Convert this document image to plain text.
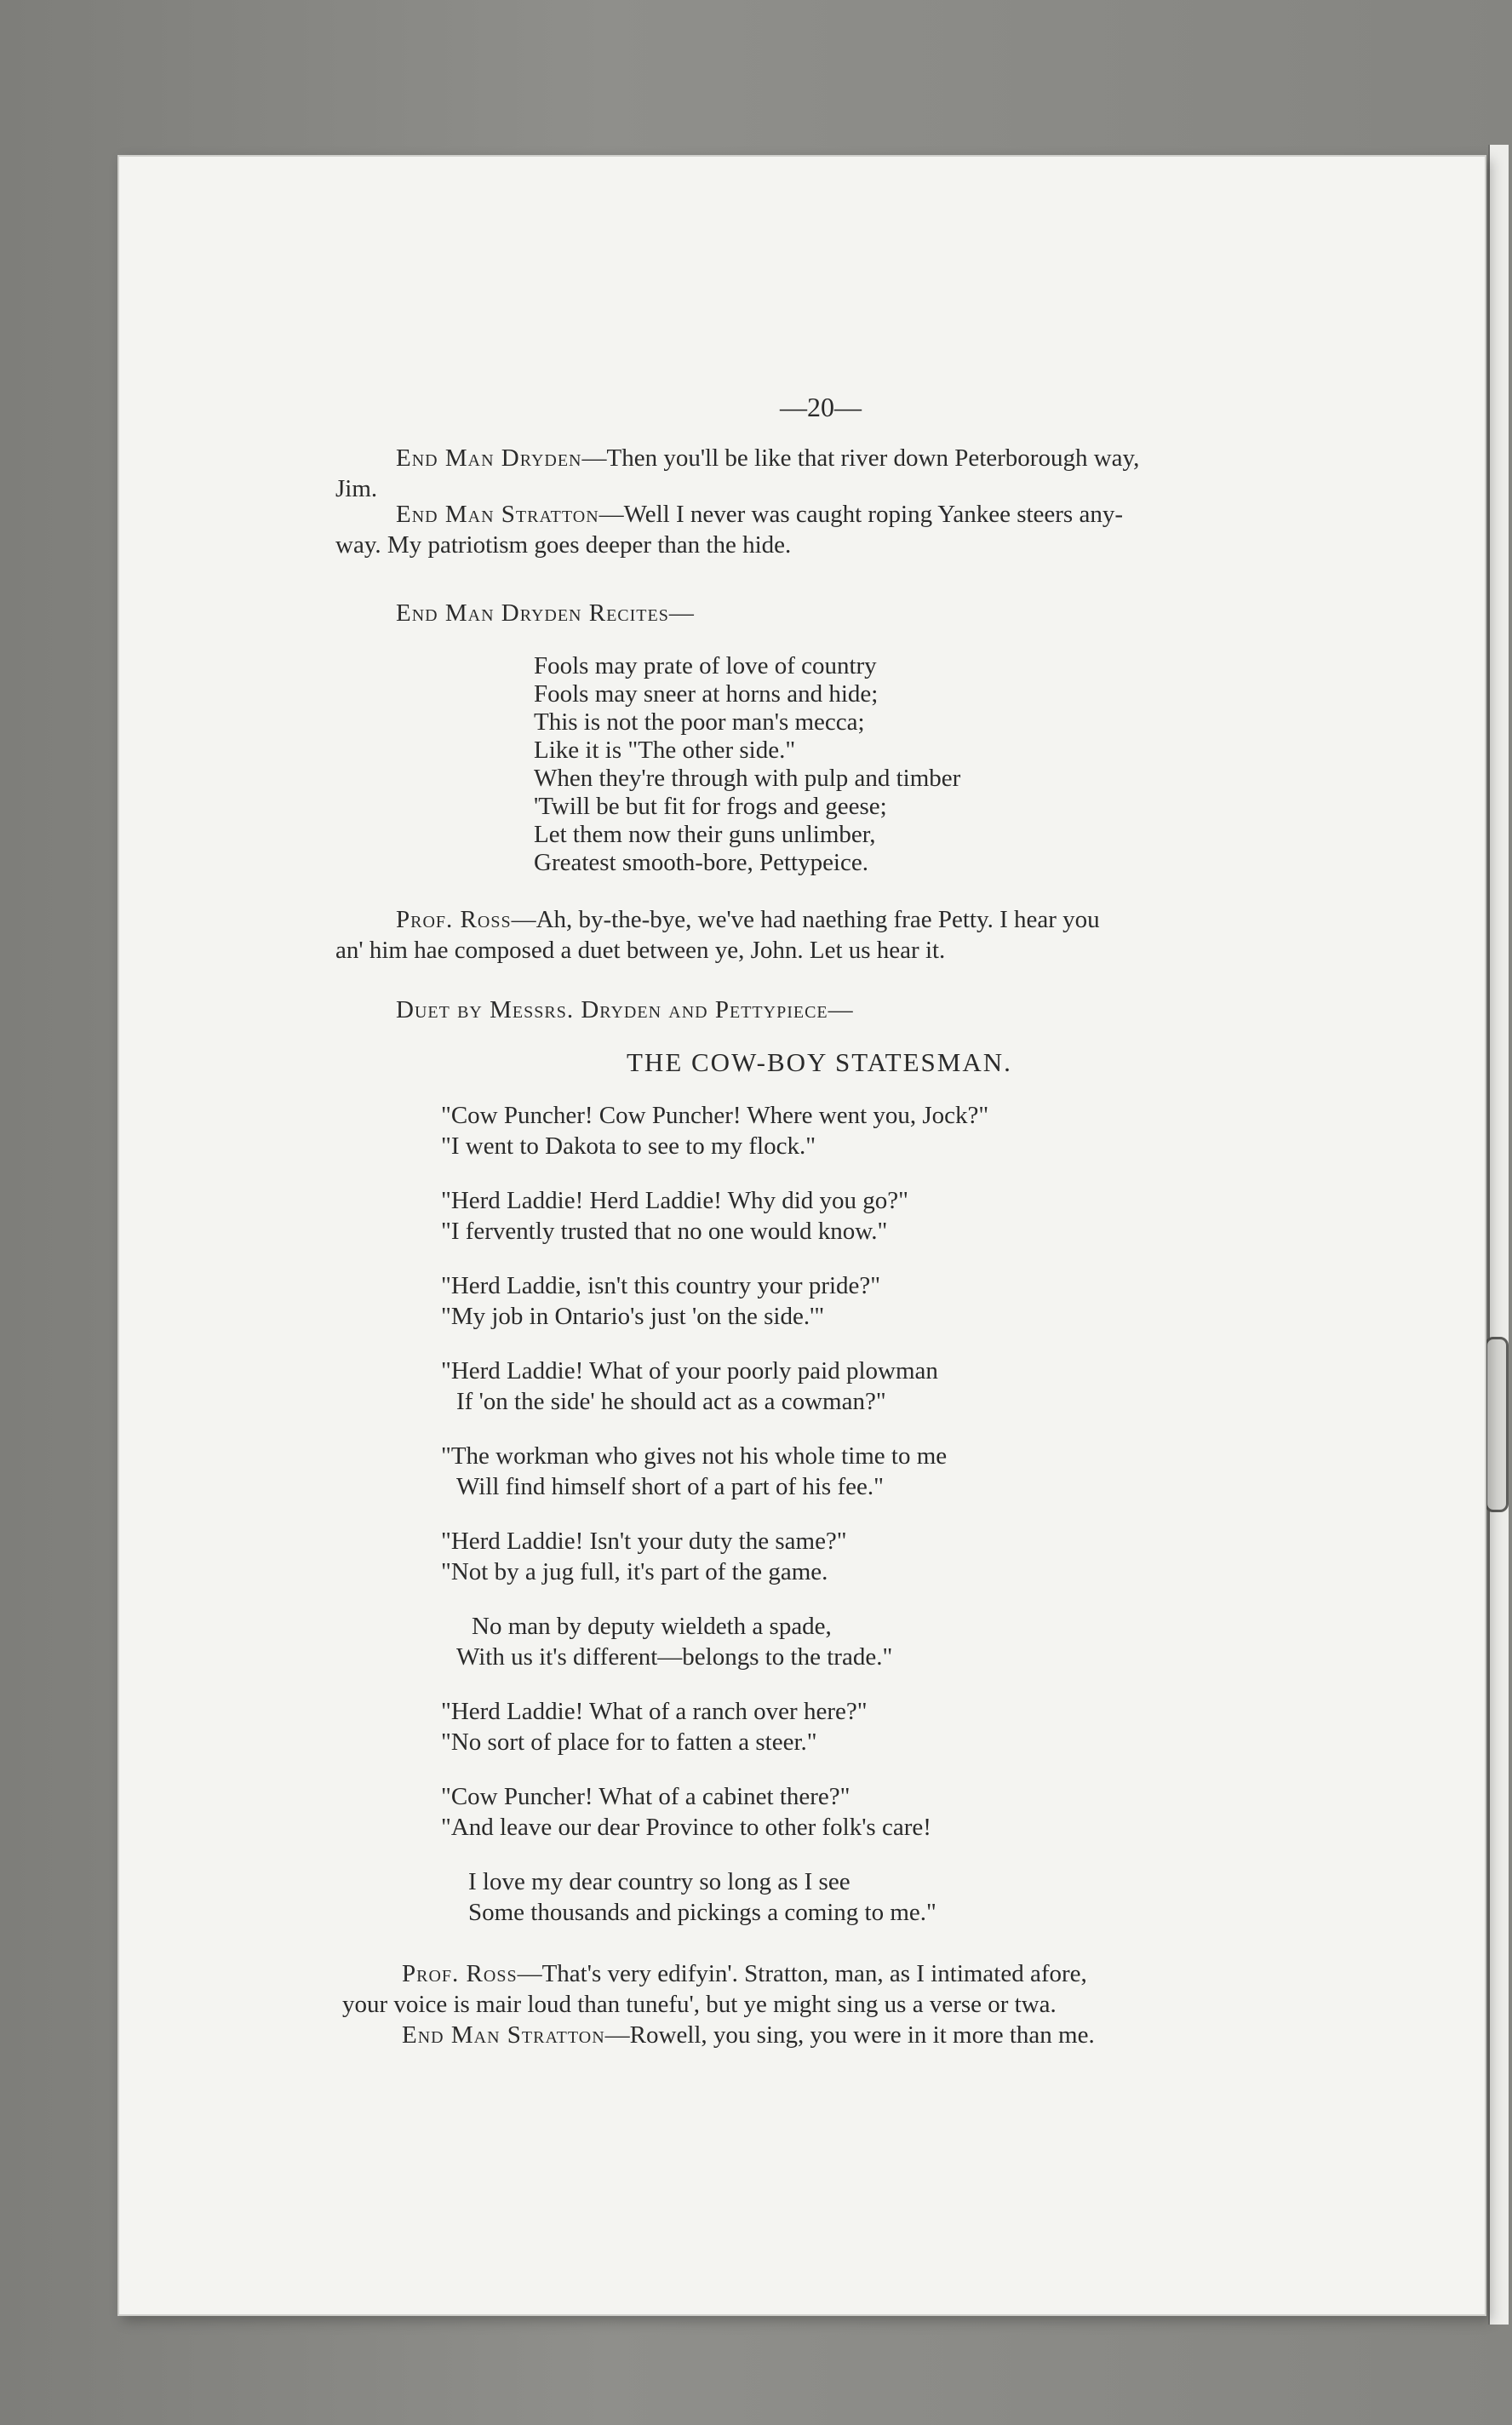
—20—
End Man Dryden—Then you'll be like that river down Peterborough way,
Jim.
End Man Stratton—Well I never was caught roping Yankee steers any-
way. My patriotism goes deeper than the hide.
End Man Dryden Recites—
Fools may prate of love of country
Fools may sneer at horns and hide;
This is not the poor man's mecca;
Like it is "The other side."
When they're through with pulp and timber
'Twill be but fit for frogs and geese;
Let them now their guns unlimber,
Greatest smooth-bore, Pettypeice.
Prof. Ross—Ah, by-the-bye, we've had naething frae Petty. I hear you
an' him hae composed a duet between ye, John. Let us hear it.
Duet by Messrs. Dryden and Pettypiece—
THE COW-BOY STATESMAN.
"Cow Puncher! Cow Puncher! Where went you, Jock?"
"I went to Dakota to see to my flock."
"Herd Laddie! Herd Laddie! Why did you go?"
"I fervently trusted that no one would know."
"Herd Laddie, isn't this country your pride?"
"My job in Ontario's just 'on the side.'"
"Herd Laddie! What of your poorly paid plowman
If 'on the side' he should act as a cowman?"
"The workman who gives not his whole time to me
Will find himself short of a part of his fee."
"Herd Laddie! Isn't your duty the same?"
"Not by a jug full, it's part of the game.
No man by deputy wieldeth a spade,
With us it's different—belongs to the trade."
"Herd Laddie! What of a ranch over here?"
"No sort of place for to fatten a steer."
"Cow Puncher! What of a cabinet there?"
"And leave our dear Province to other folk's care!
I love my dear country so long as I see
Some thousands and pickings a coming to me."
Prof. Ross—That's very edifyin'. Stratton, man, as I intimated afore,
your voice is mair loud than tunefu', but ye might sing us a verse or twa.
End Man Stratton—Rowell, you sing, you were in it more than me.
